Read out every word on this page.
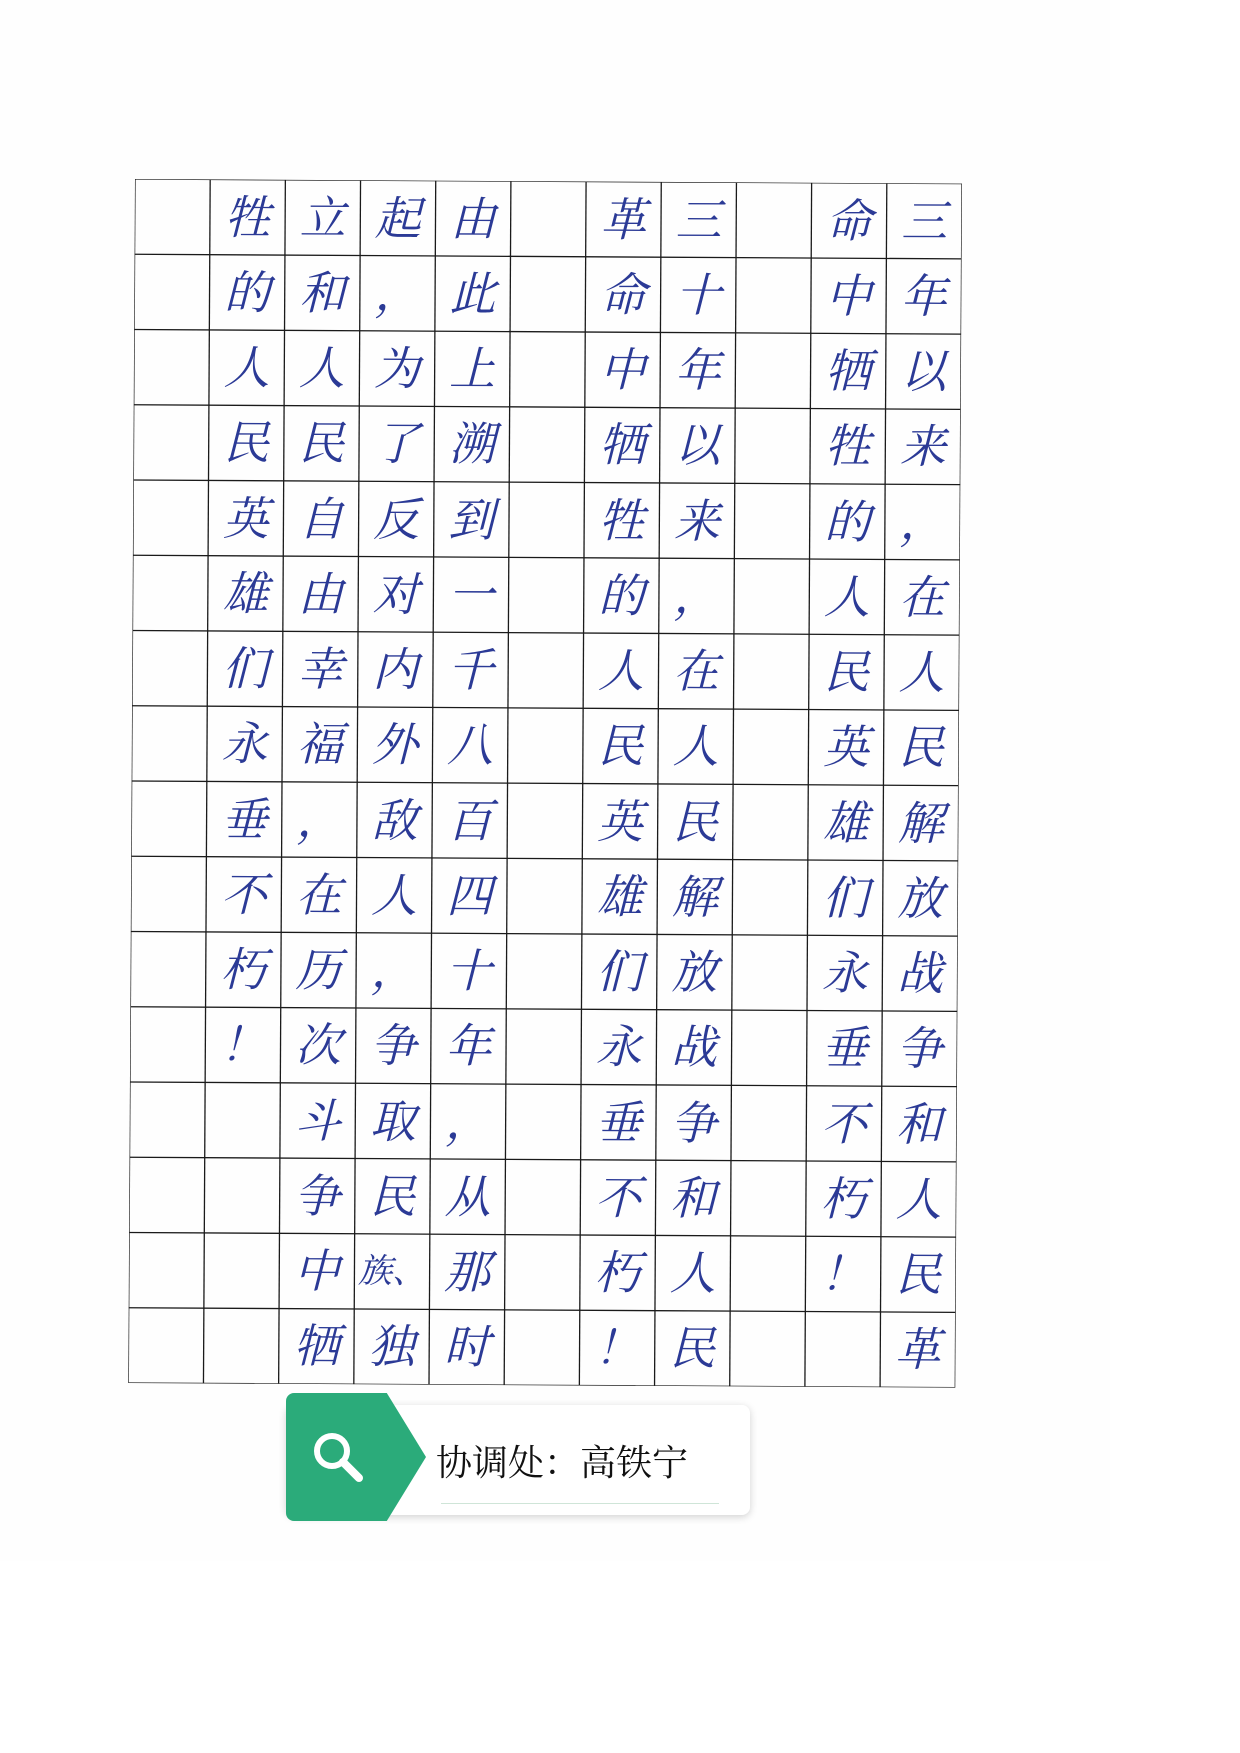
三
年
以
来
，
在
人
民
解
放
战
争
和
人
民
革
命
中
牺
牲
的
人
民
英
雄
们
永
垂
不
朽
！
三
十
年
以
来
，
在
人
民
解
放
战
争
和
人
民
革
命
中
牺
牲
的
人
民
英
雄
们
永
垂
不
朽
！
由
此
上
溯
到
一
千
八
百
四
十
年
，
从
那
时
起
，
为
了
反
对
内
外
敌
人
，
争
取
民
族、
独
立
和
人
民
自
由
幸
福
，
在
历
次
斗
争
中
牺
牲
的
人
民
英
雄
们
永
垂
不
朽
！
协调处：高铁宁
